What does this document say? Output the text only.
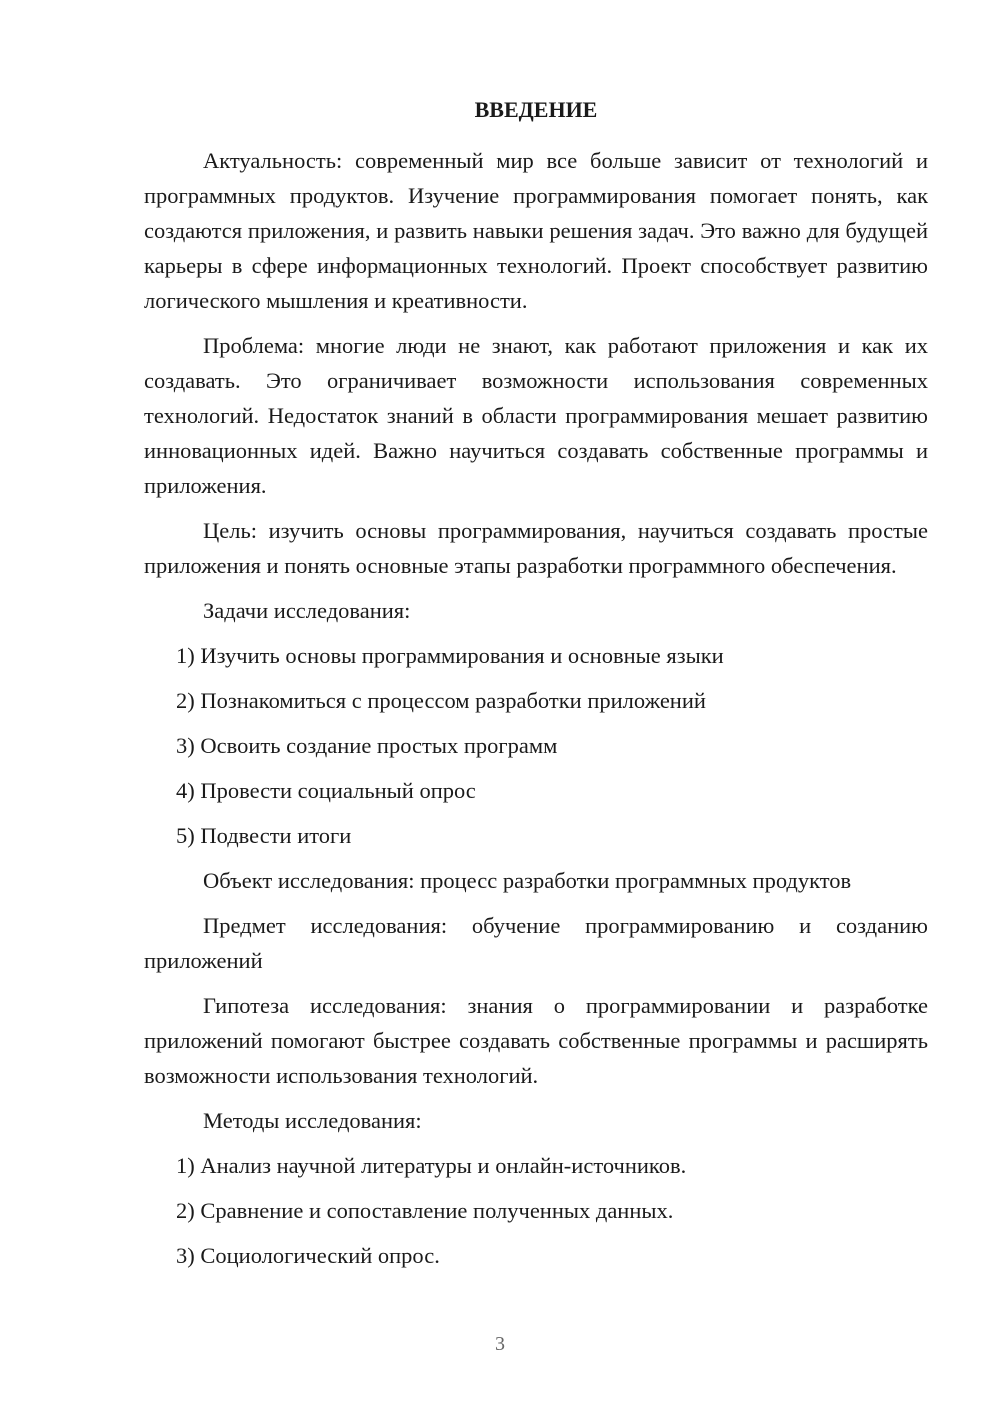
ВВЕДЕНИЕ
Актуальность: современный мир все больше зависит от технологий и программных продуктов. Изучение программирования помогает понять, как создаются приложения, и развить навыки решения задач. Это важно для будущей карьеры в сфере информационных технологий. Проект способствует развитию логического мышления и креативности.
Проблема: многие люди не знают, как работают приложения и как их создавать. Это ограничивает возможности использования современных технологий. Недостаток знаний в области программирования мешает развитию инновационных идей. Важно научиться создавать собственные программы и приложения.
Цель: изучить основы программирования, научиться создавать простые приложения и понять основные этапы разработки программного обеспечения.
Задачи исследования:
1) Изучить основы программирования и основные языки
2) Познакомиться с процессом разработки приложений
3) Освоить создание простых программ
4) Провести социальный опрос
5) Подвести итоги
Объект исследования: процесс разработки программных продуктов
Предмет исследования: обучение программированию и созданию приложений
Гипотеза исследования: знания о программировании и разработке приложений помогают быстрее создавать собственные программы и расширять возможности использования технологий.
Методы исследования:
1) Анализ научной литературы и онлайн-источников.
2) Сравнение и сопоставление полученных данных.
3) Социологический опрос.
3
